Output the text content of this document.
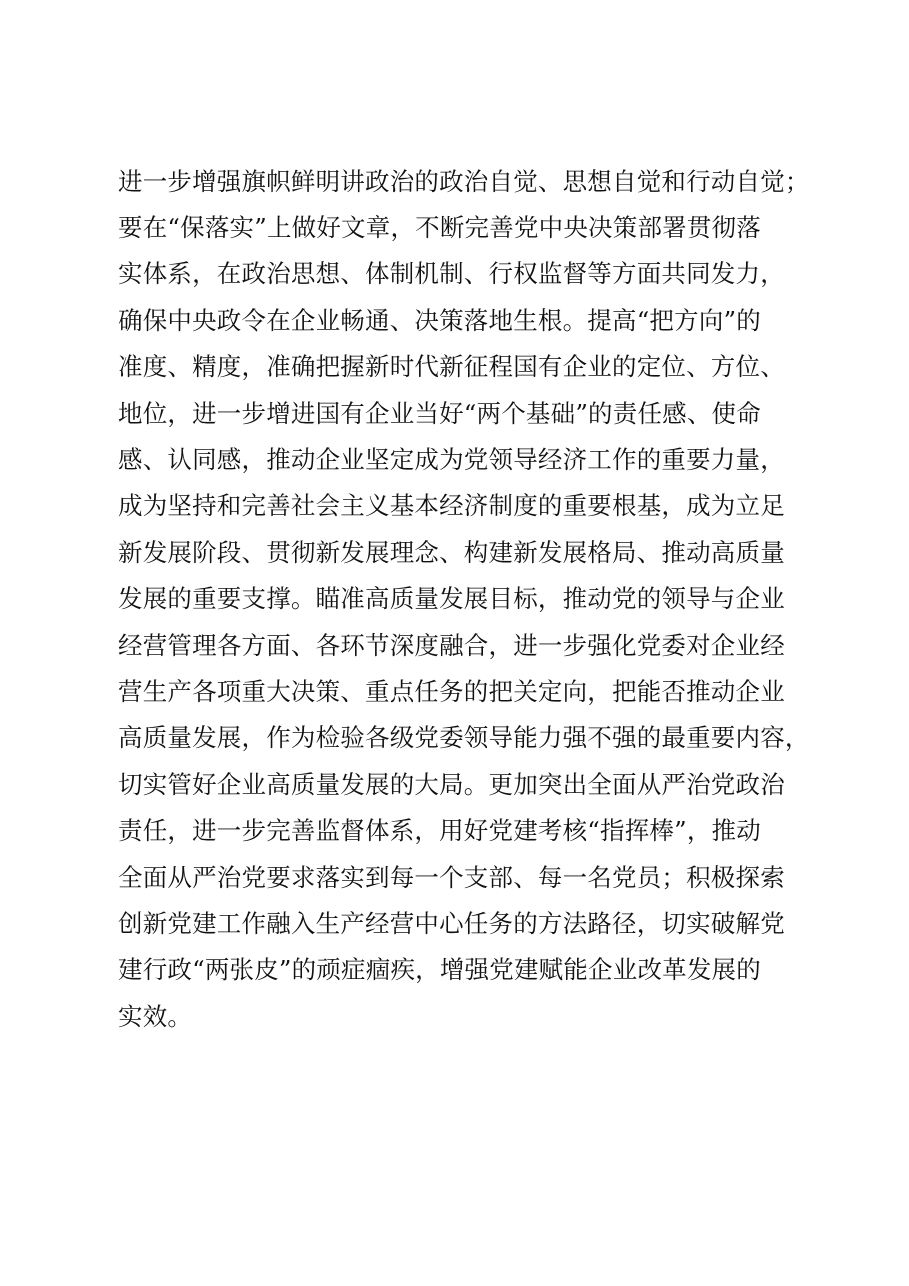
进一步增强旗帜鲜明讲政治的政治自觉、思想自觉和行动自觉；
要在“保落实”上做好文章，不断完善党中央决策部署贯彻落
实体系，在政治思想、体制机制、行权监督等方面共同发力，
确保中央政令在企业畅通、决策落地生根。提高“把方向”的
准度、精度，准确把握新时代新征程国有企业的定位、方位、
地位，进一步增进国有企业当好“两个基础”的责任感、使命
感、认同感，推动企业坚定成为党领导经济工作的重要力量，
成为坚持和完善社会主义基本经济制度的重要根基，成为立足
新发展阶段、贯彻新发展理念、构建新发展格局、推动高质量
发展的重要支撑。瞄准高质量发展目标，推动党的领导与企业
经营管理各方面、各环节深度融合，进一步强化党委对企业经
营生产各项重大决策、重点任务的把关定向，把能否推动企业
高质量发展，作为检验各级党委领导能力强不强的最重要内容，
切实管好企业高质量发展的大局。更加突出全面从严治党政治
责任，进一步完善监督体系，用好党建考核“指挥棒”，推动
全面从严治党要求落实到每一个支部、每一名党员；积极探索
创新党建工作融入生产经营中心任务的方法路径，切实破解党
建行政“两张皮”的顽症痼疾，增强党建赋能企业改革发展的
实效。
